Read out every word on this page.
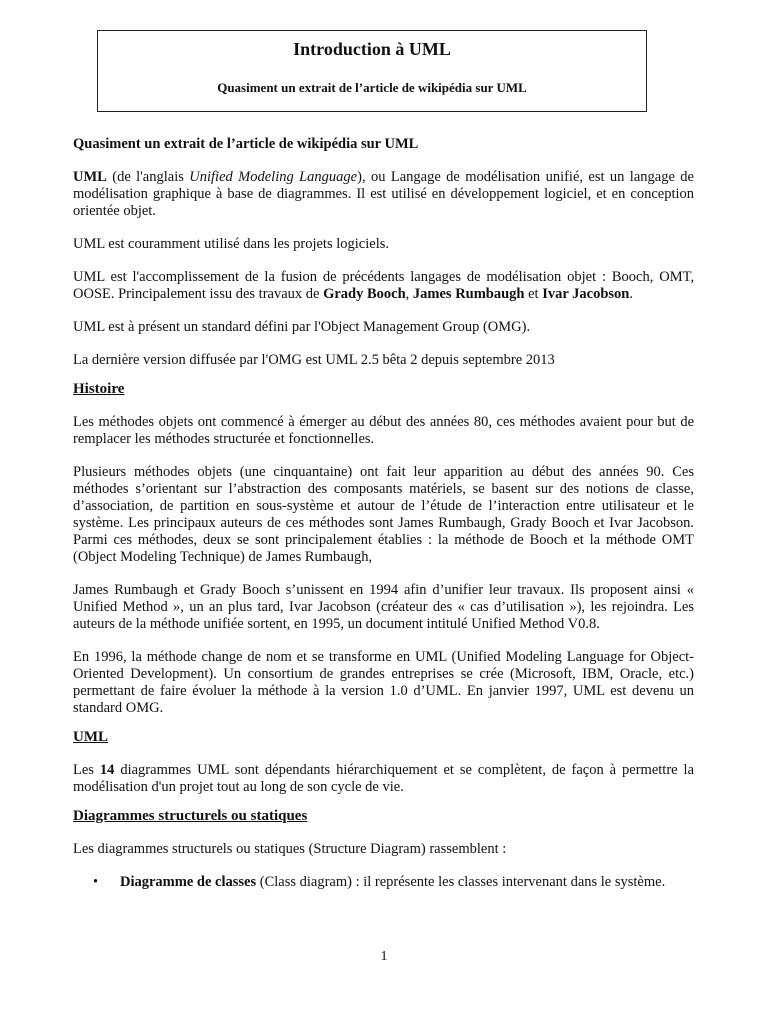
Introduction à UML
Quasiment un extrait de l’article de wikipédia sur UML

Quasiment un extrait de l’article de wikipédia sur UML

UML (de l'anglais Unified Modeling Language), ou Langage de modélisation unifié, est un langage de modélisation graphique à base de diagrammes. Il est utilisé en développement logiciel, et en conception orientée objet.

UML est couramment utilisé dans les projets logiciels.

UML est l'accomplissement de la fusion de précédents langages de modélisation objet : Booch, OMT, OOSE. Principalement issu des travaux de Grady Booch, James Rumbaugh et Ivar Jacobson.

UML est à présent un standard défini par l'Object Management Group (OMG).

La dernière version diffusée par l'OMG est UML 2.5 bêta 2 depuis septembre 2013

Histoire

Les méthodes objets ont commencé à émerger au début des années 80, ces méthodes avaient pour but de remplacer les méthodes structurée et fonctionnelles.

Plusieurs méthodes objets (une cinquantaine) ont fait leur apparition au début des années 90. Ces méthodes s’orientant sur l’abstraction des composants matériels, se basent sur des notions de classe, d’association, de partition en sous-système et autour de l’étude de l’interaction entre utilisateur et le système. Les principaux auteurs de ces méthodes sont James Rumbaugh, Grady Booch et Ivar Jacobson. Parmi ces méthodes, deux se sont principalement établies : la méthode de Booch et la méthode OMT (Object Modeling Technique) de James Rumbaugh,

James Rumbaugh et Grady Booch s’unissent en 1994 afin d’unifier leur travaux. Ils proposent ainsi « Unified Method », un an plus tard, Ivar Jacobson (créateur des « cas d’utilisation »), les rejoindra. Les auteurs de la méthode unifiée sortent, en 1995, un document intitulé Unified Method V0.8.

En 1996, la méthode change de nom et se transforme en UML (Unified Modeling Language for Object-Oriented Development). Un consortium de grandes entreprises se crée (Microsoft, IBM, Oracle, etc.) permettant de faire évoluer la méthode à la version 1.0 d’UML. En janvier 1997, UML est devenu un standard OMG.

UML

Les 14 diagrammes UML sont dépendants hiérarchiquement et se complètent, de façon à permettre la modélisation d'un projet tout au long de son cycle de vie.

Diagrammes structurels ou statiques

Les diagrammes structurels ou statiques (Structure Diagram) rassemblent :

• Diagramme de classes (Class diagram) : il représente les classes intervenant dans le système.
1
